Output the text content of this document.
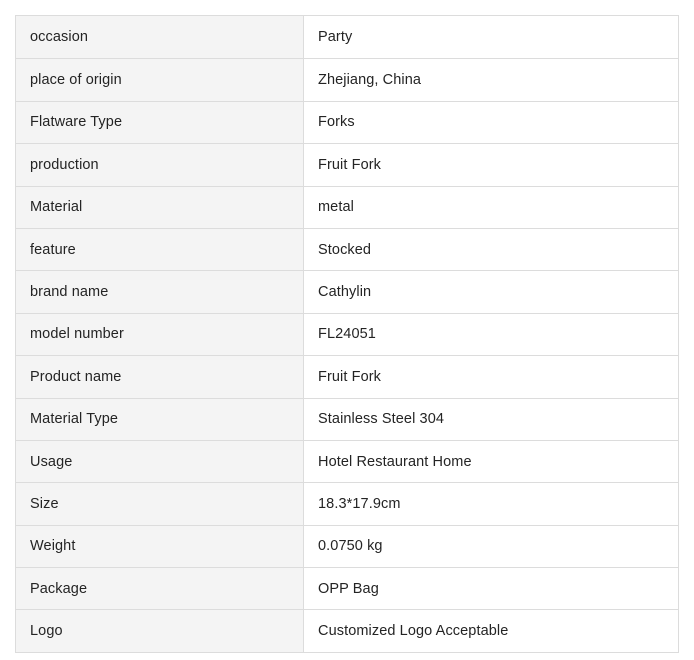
occasion	Party
place of origin	Zhejiang, China
Flatware Type	Forks
production	Fruit Fork
Material	metal
feature	Stocked
brand name	Cathylin
model number	FL24051
Product name	Fruit Fork
Material Type	Stainless Steel 304
Usage	Hotel Restaurant Home
Size	18.3*17.9cm
Weight	0.0750 kg
Package	OPP Bag
Logo	Customized Logo Acceptable
